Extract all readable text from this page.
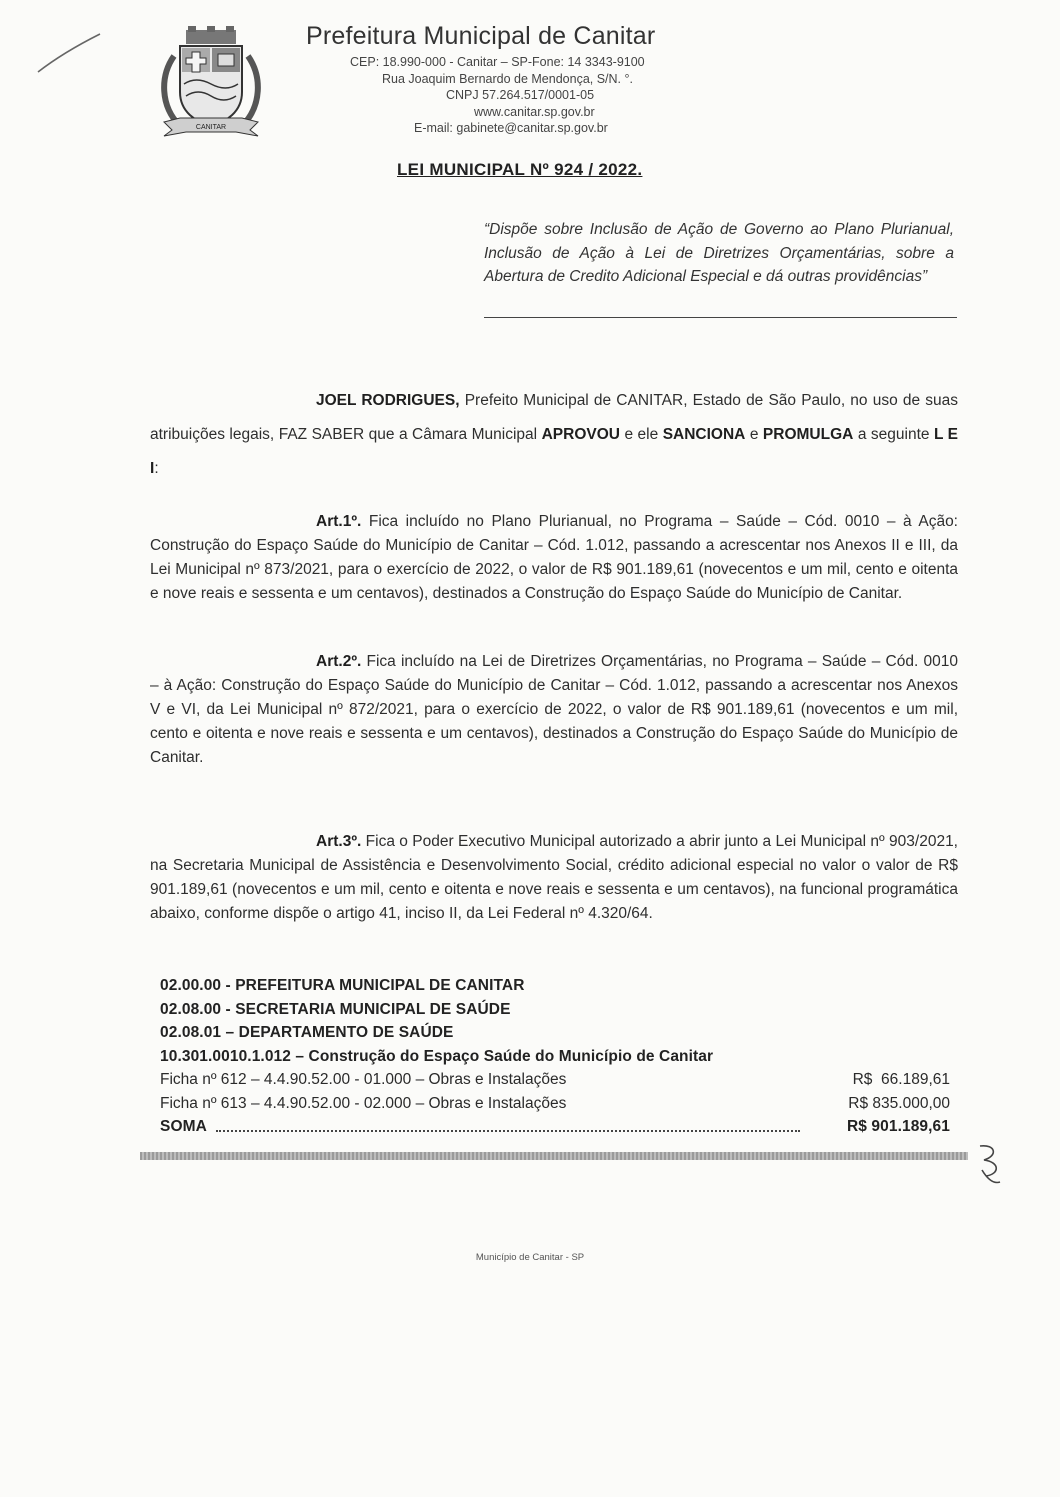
CANITAR
Prefeitura Municipal de Canitar
CEP: 18.990-000 - Canitar – SP-Fone: 14 3343-9100
Rua Joaquim Bernardo de Mendonça, S/N. °.
CNPJ 57.264.517/0001-05
www.canitar.sp.gov.br
E-mail: gabinete@canitar.sp.gov.br
LEI MUNICIPAL Nº 924 / 2022.
“Dispõe sobre Inclusão de Ação de Governo ao Plano Plurianual, Inclusão de Ação à Lei de Diretrizes Orçamentárias, sobre a Abertura de Credito Adicional Especial e dá outras providências”
JOEL RODRIGUES, Prefeito Municipal de CANITAR, Estado de São Paulo, no uso de suas atribuições legais, FAZ SABER que a Câmara Municipal APROVOU e ele SANCIONA e PROMULGA a seguinte L E I:
Art.1º. Fica incluído no Plano Plurianual, no Programa – Saúde – Cód. 0010 – à Ação: Construção do Espaço Saúde do Município de Canitar – Cód. 1.012, passando a acrescentar nos Anexos II e III, da Lei Municipal nº 873/2021, para o exercício de 2022, o valor de R$ 901.189,61 (novecentos e um mil, cento e oitenta e nove reais e sessenta e um centavos), destinados a Construção do Espaço Saúde do Município de Canitar.
Art.2º. Fica incluído na Lei de Diretrizes Orçamentárias, no Programa – Saúde – Cód. 0010 – à Ação: Construção do Espaço Saúde do Município de Canitar – Cód. 1.012, passando a acrescentar nos Anexos V e VI, da Lei Municipal nº 872/2021, para o exercício de 2022, o valor de R$ 901.189,61 (novecentos e um mil, cento e oitenta e nove reais e sessenta e um centavos), destinados a Construção do Espaço Saúde do Município de Canitar.
Art.3º. Fica o Poder Executivo Municipal autorizado a abrir junto a Lei Municipal nº 903/2021, na Secretaria Municipal de Assistência e Desenvolvimento Social, crédito adicional especial no valor o valor de R$ 901.189,61 (novecentos e um mil, cento e oitenta e nove reais e sessenta e um centavos), na funcional programática abaixo, conforme dispõe o artigo 41, inciso II, da Lei Federal nº 4.320/64.
02.00.00 - PREFEITURA MUNICIPAL DE CANITAR
02.08.00 - SECRETARIA MUNICIPAL DE SAÚDE
02.08.01 – DEPARTAMENTO DE SAÚDE
10.301.0010.1.012 – Construção do Espaço Saúde do Município de Canitar
Ficha nº 612 – 4.4.90.52.00 - 01.000 – Obras e Instalações	R$  66.189,61
Ficha nº 613 – 4.4.90.52.00 - 02.000 – Obras e Instalações	R$ 835.000,00
SOMA	R$ 901.189,61
Município de Canitar - SP
